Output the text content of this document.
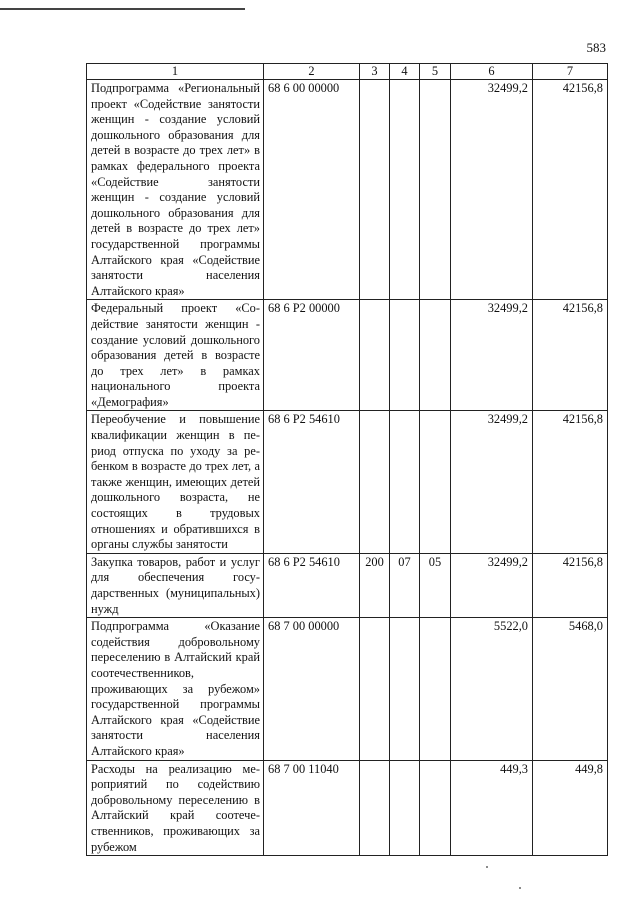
583
1	2	3	4	5	6	7
Подпрограмма «Региональный проект «Содействие занятости женщин - создание условий дошкольного образования для детей в возрасте до трех лет» в рамках федерального проекта «Содействие занятости женщин - создание условий дошкольного образования для детей в возрасте до трех лет» государственной программы Алтайского края «Содействие занятости населения Алтайского края»	68 6 00 00000				32499,2	42156,8
Федеральный проект «Содействие занятости женщин - создание условий дошкольного образования детей в возрасте до трех лет» в рамках национального проекта «Демография»	68 6 P2 00000				32499,2	42156,8
Переобучение и повышение квалификации женщин в период отпуска по уходу за ребенком в возрасте до трех лет, а также женщин, имеющих детей дошкольного возраста, не состоящих в трудовых отношениях и обратившихся в органы службы занятости	68 6 P2 54610				32499,2	42156,8
Закупка товаров, работ и услуг для обеспечения государственных (муниципальных) нужд	68 6 P2 54610	200	07	05	32499,2	42156,8
Подпрограмма «Оказание содействия добровольному переселению в Алтайский край соотечественников, проживающих за рубежом» государственной программы Алтайского края «Содействие занятости населения Алтайского края»	68 7 00 00000				5522,0	5468,0
Расходы на реализацию мероприятий по содействию добровольному переселению в Алтайский край соотечественников, проживающих за рубежом	68 7 00 11040				449,3	449,8
